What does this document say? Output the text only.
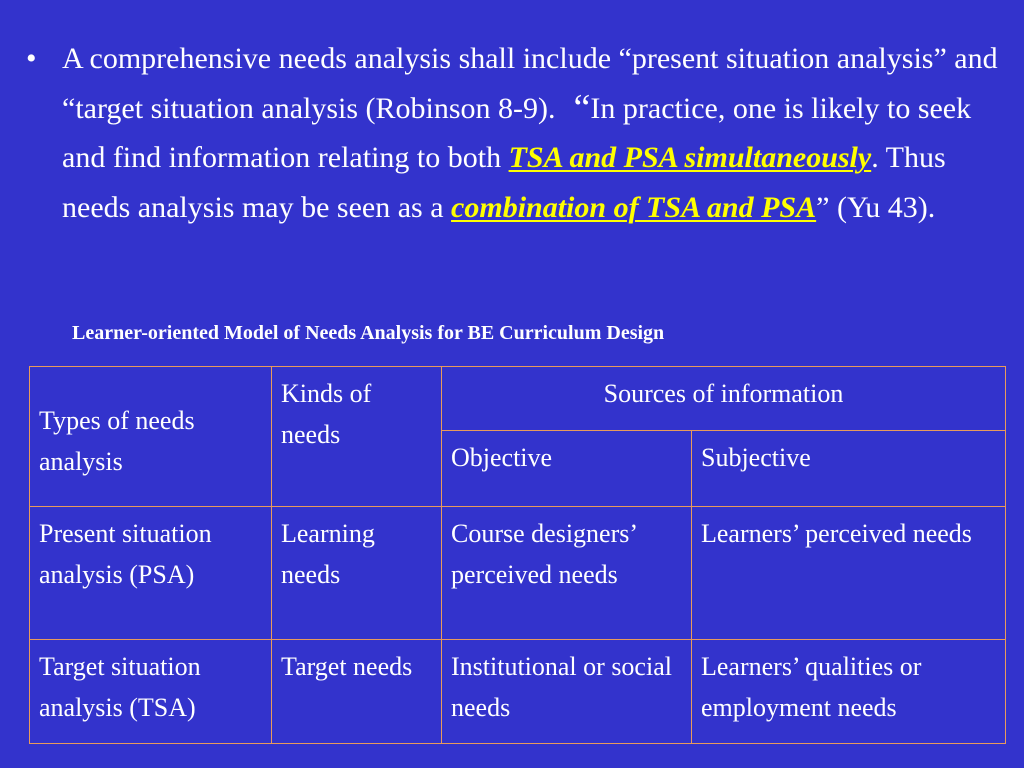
• A comprehensive needs analysis shall include “present situation analysis” and “target situation analysis (Robinson 8-9). “In practice, one is likely to seek and find information relating to both TSA and PSA simultaneously. Thus needs analysis may be seen as a combination of TSA and PSA” (Yu 43).
Learner-oriented Model of Needs Analysis for BE Curriculum Design
Types of needs analysis	Kinds of needs	Sources of information	
		Objective	Subjective
Present situation analysis (PSA)	Learning needs	Course designers’ perceived needs	Learners’ perceived needs
Target situation analysis (TSA)	Target needs	Institutional or social needs	Learners’ qualities or employment needs
